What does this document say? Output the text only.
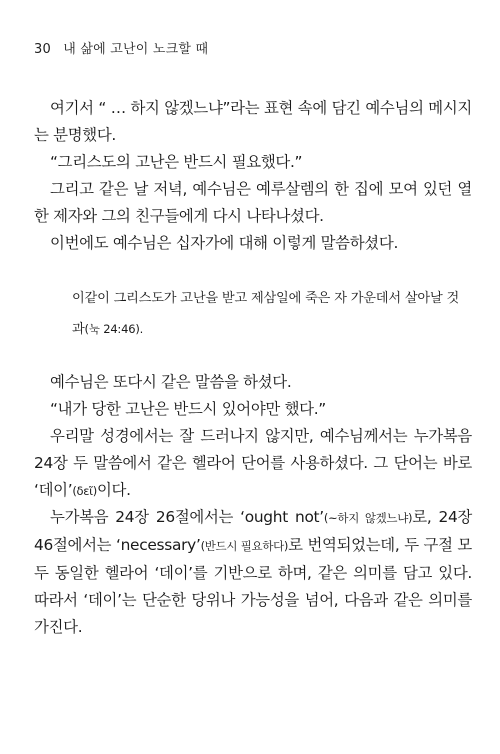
30 내 삶에 고난이 노크할 때

여기서 “ … 하지 않겠느냐”라는 표현 속에 담긴 예수님의 메시지는 분명했다.

“그리스도의 고난은 반드시 필요했다.”

그리고 같은 날 저녁, 예수님은 예루살렘의 한 집에 모여 있던 열한 제자와 그의 친구들에게 다시 나타나셨다.

이번에도 예수님은 십자가에 대해 이렇게 말씀하셨다.

이같이 그리스도가 고난을 받고 제삼일에 죽은 자 가운데서 살아날 것과(눅 24:46).

예수님은 또다시 같은 말씀을 하셨다.

“내가 당한 고난은 반드시 있어야만 했다.”

우리말 성경에서는 잘 드러나지 않지만, 예수님께서는 누가복음 24장 두 말씀에서 같은 헬라어 단어를 사용하셨다. 그 단어는 바로 ‘데이’(δεῖ)이다.

누가복음 24장 26절에서는 ‘ought not’(~하지 않겠느냐)로, 24장 46절에서는 ‘necessary’(반드시 필요하다)로 번역되었는데, 두 구절 모두 동일한 헬라어 ‘데이’를 기반으로 하며, 같은 의미를 담고 있다. 따라서 ‘데이’는 단순한 당위나 가능성을 넘어, 다음과 같은 의미를 가진다.
